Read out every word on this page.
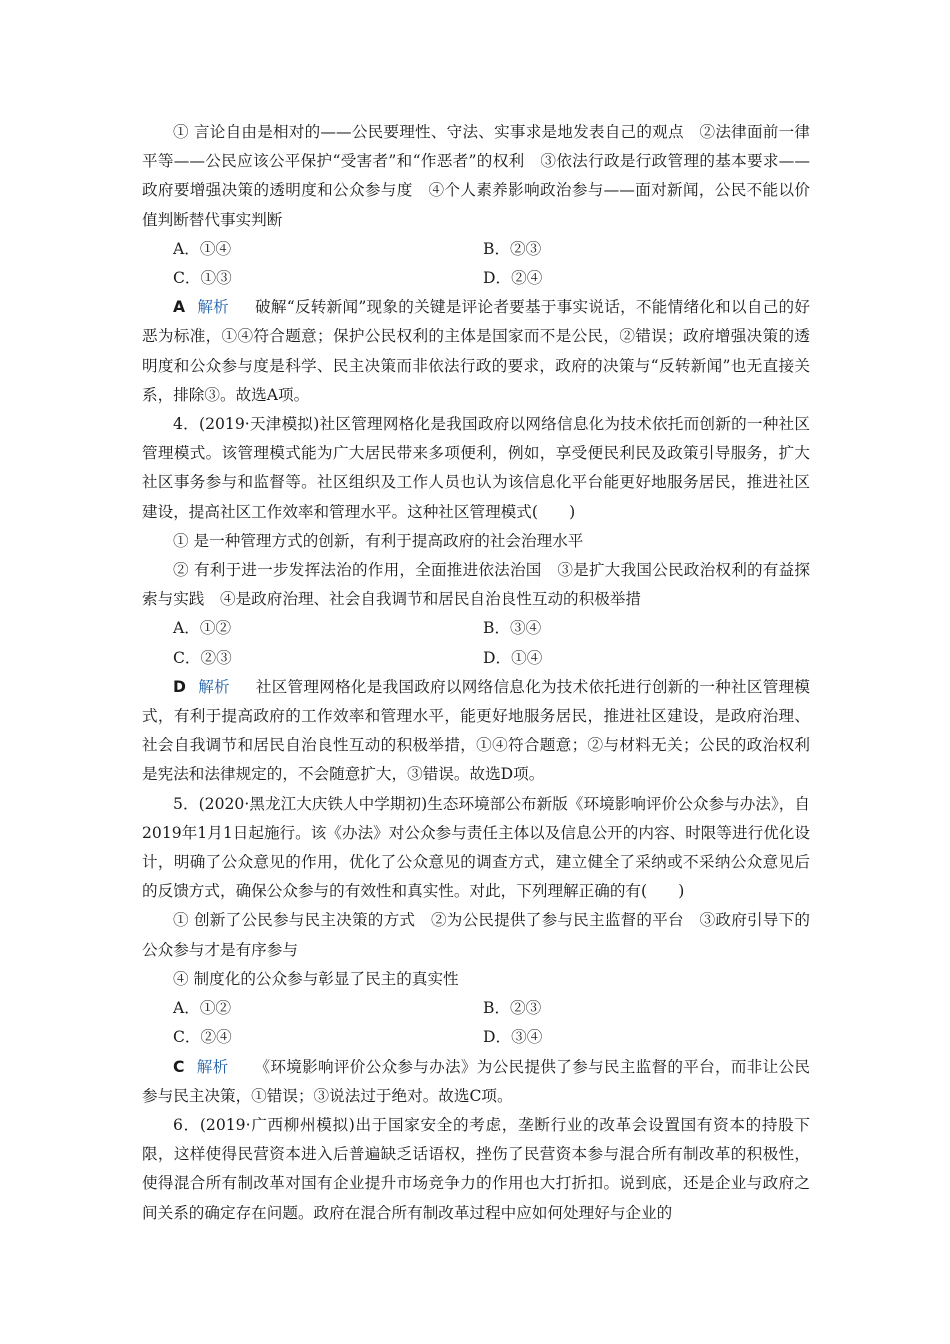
① 言论自由是相对的——公民要理性、守法、实事求是地发表自己的观点　②法律面前一律平等——公民应该公平保护“受害者”和“作恶者”的权利　③依法行政是行政管理的基本要求——政府要增强决策的透明度和公众参与度　④个人素养影响政治参与——面对新闻，公民不能以价值判断替代事实判断

A．①④	B．②③
C．①③	D．②④

A 解析 破解“反转新闻”现象的关键是评论者要基于事实说话，不能情绪化和以自己的好恶为标准，①④符合题意；保护公民权利的主体是国家而不是公民，②错误；政府增强决策的透明度和公众参与度是科学、民主决策而非依法行政的要求，政府的决策与“反转新闻”也无直接关系，排除③。故选A项。

4．(2019·天津模拟)社区管理网格化是我国政府以网络信息化为技术依托而创新的一种社区管理模式。该管理模式能为广大居民带来多项便利，例如，享受便民利民及政策引导服务，扩大社区事务参与和监督等。社区组织及工作人员也认为该信息化平台能更好地服务居民，推进社区建设，提高社区工作效率和管理水平。这种社区管理模式(　　)

① 是一种管理方式的创新，有利于提高政府的社会治理水平

② 有利于进一步发挥法治的作用，全面推进依法治国　③是扩大我国公民政治权利的有益探索与实践　④是政府治理、社会自我调节和居民自治良性互动的积极举措

A．①②	B．③④
C．②③	D．①④

D 解析 社区管理网格化是我国政府以网络信息化为技术依托进行创新的一种社区管理模式，有利于提高政府的工作效率和管理水平，能更好地服务居民，推进社区建设，是政府治理、社会自我调节和居民自治良性互动的积极举措，①④符合题意；②与材料无关；公民的政治权利是宪法和法律规定的，不会随意扩大，③错误。故选D项。

5．(2020·黑龙江大庆铁人中学期初)生态环境部公布新版《环境影响评价公众参与办法》，自2019年1月1日起施行。该《办法》对公众参与责任主体以及信息公开的内容、时限等进行优化设计，明确了公众意见的作用，优化了公众意见的调查方式，建立健全了采纳或不采纳公众意见后的反馈方式，确保公众参与的有效性和真实性。对此，下列理解正确的有(　　)

① 创新了公民参与民主决策的方式　②为公民提供了参与民主监督的平台　③政府引导下的公众参与才是有序参与

④ 制度化的公众参与彰显了民主的真实性

A．①②	B．②③
C．②④	D．③④

C 解析 《环境影响评价公众参与办法》为公民提供了参与民主监督的平台，而非让公民参与民主决策，①错误；③说法过于绝对。故选C项。

6．(2019·广西柳州模拟)出于国家安全的考虑，垄断行业的改革会设置国有资本的持股下限，这样使得民营资本进入后普遍缺乏话语权，挫伤了民营资本参与混合所有制改革的积极性，使得混合所有制改革对国有企业提升市场竞争力的作用也大打折扣。说到底，还是企业与政府之间关系的确定存在问题。政府在混合所有制改革过程中应如何处理好与企业的
